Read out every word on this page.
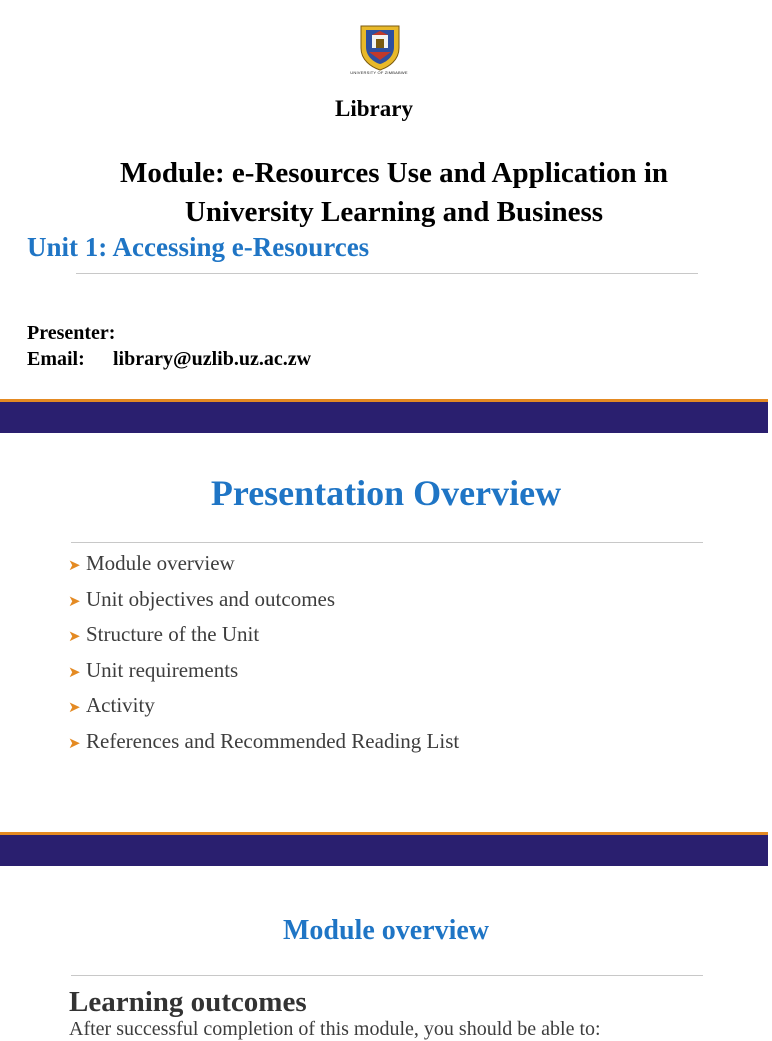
UNIVERSITY OF ZIMBABWE
Library
Module: e-Resources Use and Application in
University Learning and Business
Unit 1: Accessing e-Resources
Presenter:
Email: library@uzlib.uz.ac.zw
Presentation Overview
➤ Module overview
➤ Unit objectives and outcomes
➤ Structure of the Unit
➤ Unit requirements
➤ Activity
➤ References and Recommended Reading List
Module overview
Learning outcomes
After successful completion of this module, you should be able to:
